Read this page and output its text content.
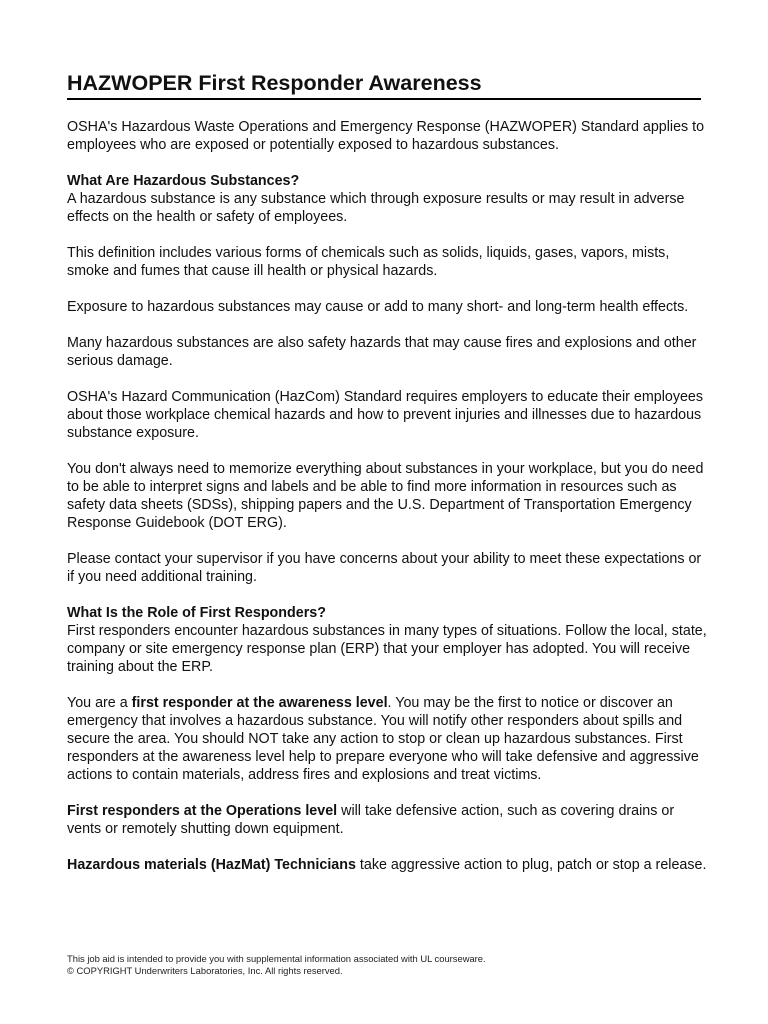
HAZWOPER First Responder Awareness

OSHA's Hazardous Waste Operations and Emergency Response (HAZWOPER) Standard applies to employees who are exposed or potentially exposed to hazardous substances.

What Are Hazardous Substances?

A hazardous substance is any substance which through exposure results or may result in adverse effects on the health or safety of employees.

This definition includes various forms of chemicals such as solids, liquids, gases, vapors, mists, smoke and fumes that cause ill health or physical hazards.

Exposure to hazardous substances may cause or add to many short- and long-term health effects.

Many hazardous substances are also safety hazards that may cause fires and explosions and other serious damage.

OSHA's Hazard Communication (HazCom) Standard requires employers to educate their employees about those workplace chemical hazards and how to prevent injuries and illnesses due to hazardous substance exposure.

You don't always need to memorize everything about substances in your workplace, but you do need to be able to interpret signs and labels and be able to find more information in resources such as safety data sheets (SDSs), shipping papers and the U.S. Department of Transportation Emergency Response Guidebook (DOT ERG).

Please contact your supervisor if you have concerns about your ability to meet these expectations or if you need additional training.

What Is the Role of First Responders?

First responders encounter hazardous substances in many types of situations. Follow the local, state, company or site emergency response plan (ERP) that your employer has adopted. You will receive training about the ERP.

You are a first responder at the awareness level. You may be the first to notice or discover an emergency that involves a hazardous substance. You will notify other responders about spills and secure the area. You should NOT take any action to stop or clean up hazardous substances. First responders at the awareness level help to prepare everyone who will take defensive and aggressive actions to contain materials, address fires and explosions and treat victims.

First responders at the Operations level will take defensive action, such as covering drains or vents or remotely shutting down equipment.

Hazardous materials (HazMat) Technicians take aggressive action to plug, patch or stop a release.

This job aid is intended to provide you with supplemental information associated with UL courseware.
© COPYRIGHT Underwriters Laboratories, Inc. All rights reserved.
